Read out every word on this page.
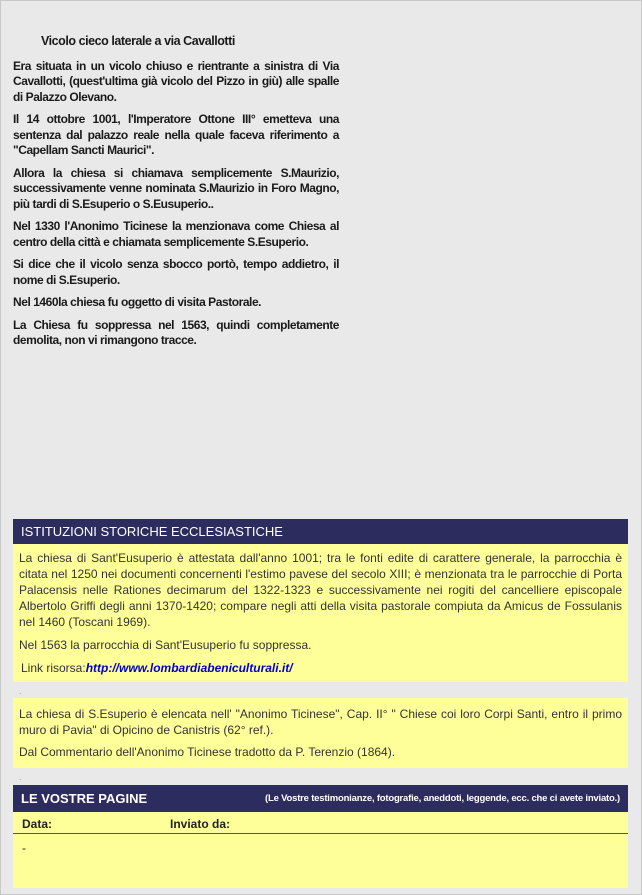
Vicolo cieco laterale a via Cavallotti

Era situata in un vicolo chiuso e rientrante a sinistra di Via Cavallotti, (quest'ultima già vicolo del Pizzo in giù) alle spalle di Palazzo Olevano.

Il 14 ottobre 1001, l'Imperatore Ottone III° emetteva una sentenza dal palazzo reale nella quale faceva riferimento a "Capellam Sancti Maurici".

Allora la chiesa si chiamava semplicemente S.Maurizio, successivamente venne nominata S.Maurizio in Foro Magno, più tardi di S.Esuperio o S.Eusuperio..

Nel 1330 l'Anonimo Ticinese la menzionava come Chiesa al centro della città e chiamata semplicemente S.Esuperio.

Si dice che il vicolo senza sbocco portò, tempo addietro, il nome di S.Esuperio.

Nel 1460la chiesa fu oggetto di visita Pastorale.

La Chiesa fu soppressa nel 1563, quindi completamente demolita, non vi rimangono tracce.

ISTITUZIONI STORICHE ECCLESIASTICHE

La chiesa di Sant'Eusuperio è attestata dall'anno 1001; tra le fonti edite di carattere generale, la parrocchia è citata nel 1250 nei documenti concernenti l'estimo pavese del secolo XIII; è menzionata tra le parrocchie di Porta Palacensis nelle Rationes decimarum del 1322-1323 e successivamente nei rogiti del cancelliere episcopale Albertolo Griffi degli anni 1370-1420; compare negli atti della visita pastorale compiuta da Amicus de Fossulanis nel 1460 (Toscani 1969).

Nel 1563 la parrocchia di Sant'Eusuperio fu soppressa.

Link risorsa:http://www.lombardiabeniculturali.it/

.

La chiesa di S.Esuperio è elencata nell' "Anonimo Ticinese", Cap. II° " Chiese coi loro Corpi Santi, entro il primo muro di Pavia" di Opicino de Canistris (62° ref.).

Dal Commentario dell'Anonimo Ticinese tradotto da P. Terenzio (1864).

.
LE VOSTRE PAGINE	(Le Vostre testimonianze, fotografie, aneddoti, leggende, ecc. che ci avete inviato.)
Data:	Inviato da:
-
